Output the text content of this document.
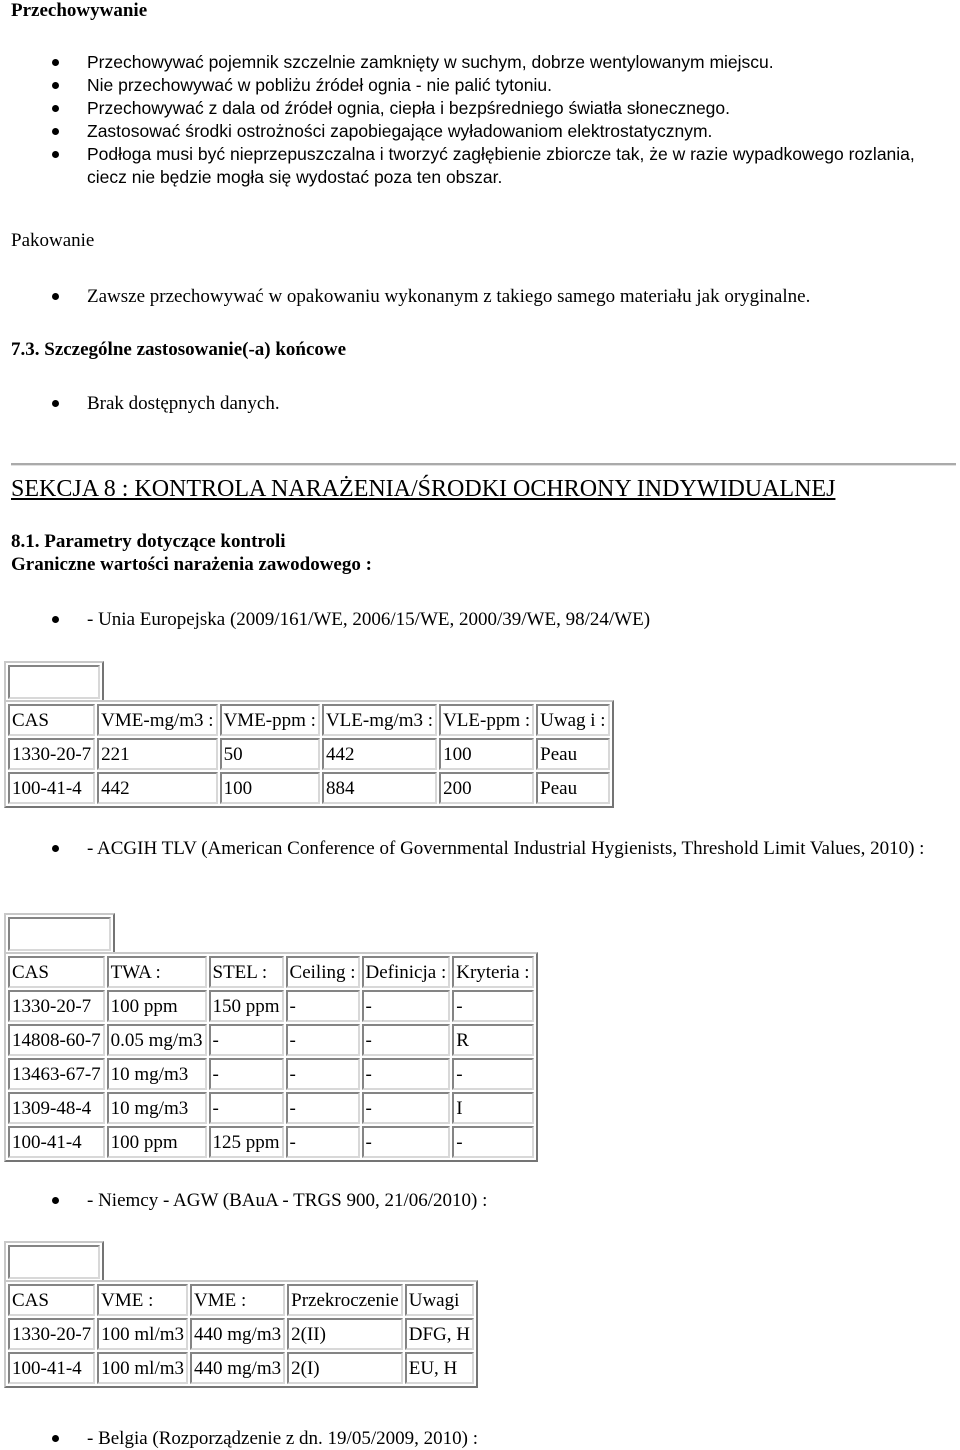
Przechowywanie
Przechowywać pojemnik szczelnie zamknięty w suchym, dobrze wentylowanym miejscu.
Nie przechowywać w pobliżu źródeł ognia - nie palić tytoniu.
Przechowywać z dala od źródeł ognia, ciepła i bezpśredniego światła słonecznego.
Zastosować środki ostrożności zapobiegające wyładowaniom elektrostatycznym.
Podłoga musi być nieprzepuszczalna i tworzyć zagłębienie zbiorcze tak, że w razie wypadkowego rozlania, ciecz nie będzie mogła się wydostać poza ten obszar.
Pakowanie
Zawsze przechowywać w opakowaniu wykonanym z takiego samego materiału jak oryginalne.
7.3. Szczególne zastosowanie(-a) końcowe
Brak dostępnych danych.
SEKCJA 8 : KONTROLA NARAŻENIA/ŚRODKI OCHRONY INDYWIDUALNEJ
8.1. Parametry dotyczące kontroli
Graniczne wartości narażenia zawodowego :
- Unia Europejska (2009/161/WE, 2006/15/WE, 2000/39/WE, 98/24/WE)
CAS	VME-mg/m3 :	VME-ppm :	VLE-mg/m3 :	VLE-ppm :	Uwag i :
1330-20-7	221	50	442	100	Peau
100-41-4	442	100	884	200	Peau
- ACGIH TLV (American Conference of Governmental Industrial Hygienists, Threshold Limit Values, 2010) :
CAS	TWA :	STEL :	Ceiling :	Definicja :	Kryteria :
1330-20-7	100 ppm	150 ppm	-	-	-
14808-60-7	0.05 mg/m3	-	-	-	R
13463-67-7	10 mg/m3	-	-	-	-
1309-48-4	10 mg/m3	-	-	-	I
100-41-4	100 ppm	125 ppm	-	-	-
- Niemcy - AGW (BAuA - TRGS 900, 21/06/2010) :
CAS	VME :	VME :	Przekroczenie	Uwagi
1330-20-7	100 ml/m3	440 mg/m3	2(II)	DFG, H
100-41-4	100 ml/m3	440 mg/m3	2(I)	EU, H
- Belgia (Rozporządzenie z dn. 19/05/2009, 2010) :
